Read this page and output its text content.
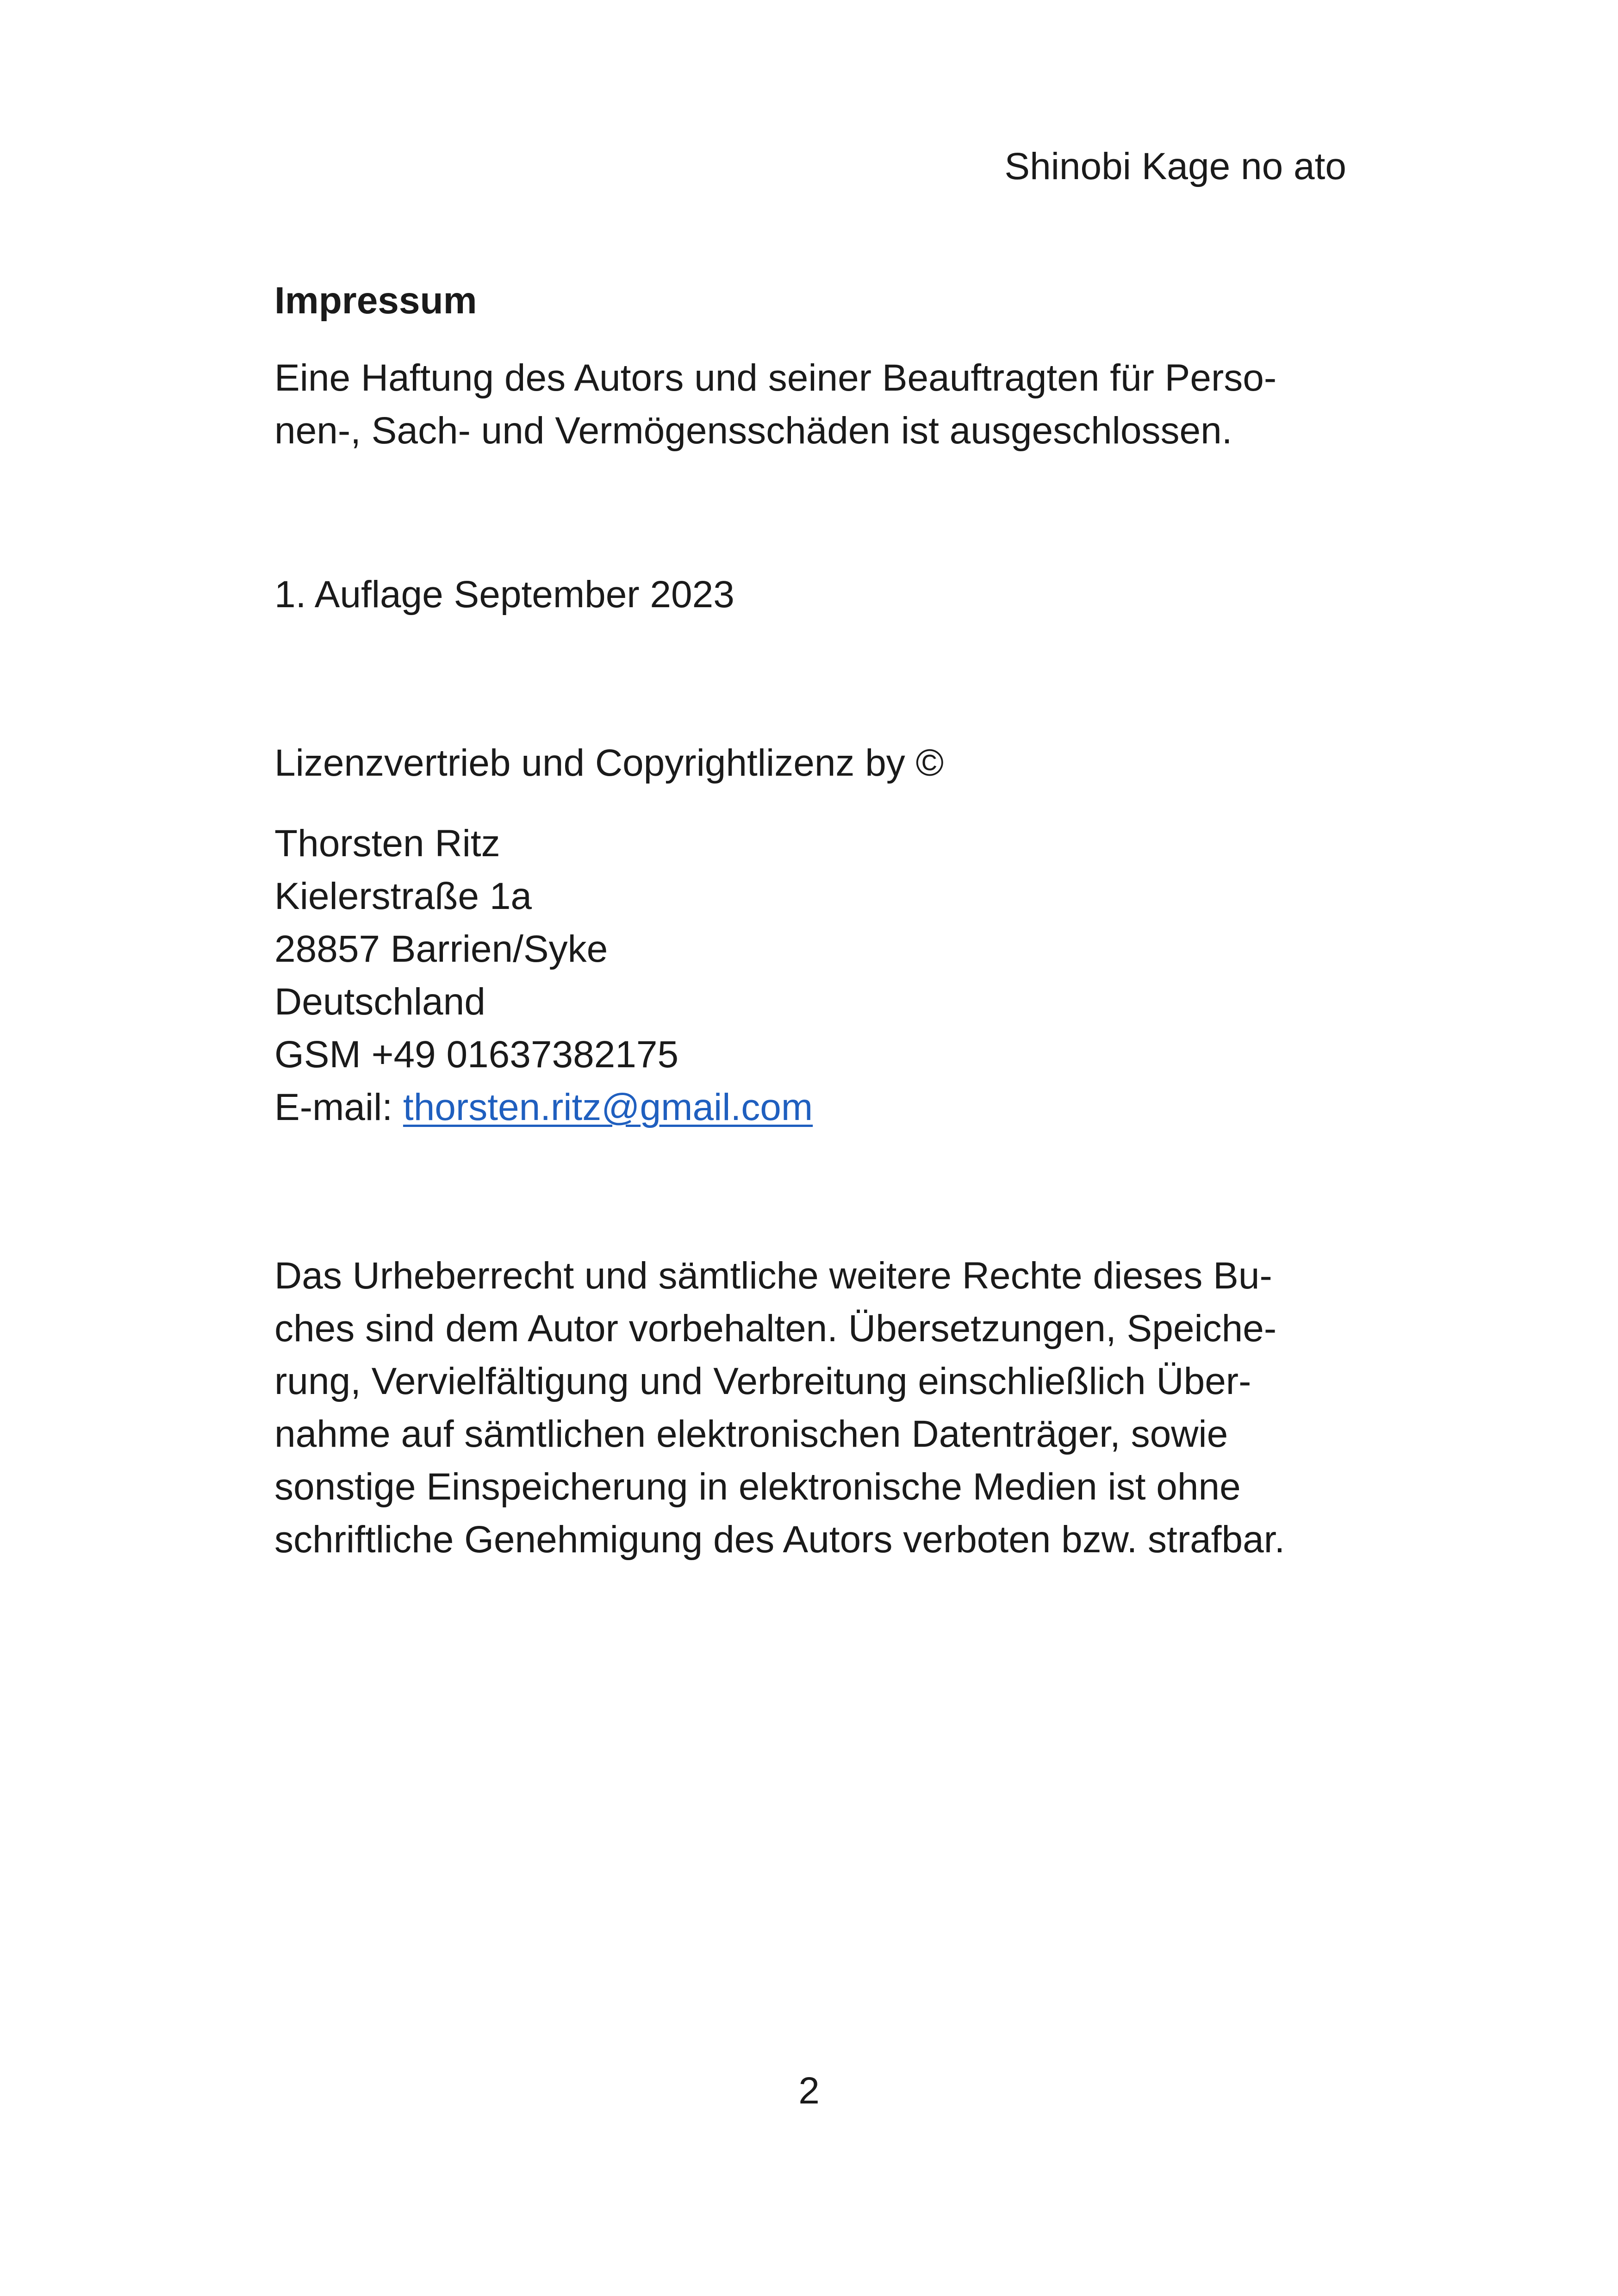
Shinobi Kage no ato
Impressum

Eine Haftung des Autors und seiner Beauftragten für Perso-
nen-, Sach- und Vermögensschäden ist ausgeschlossen.

1. Auflage September 2023

Lizenzvertrieb und Copyrightlizenz by ©

Thorsten Ritz
Kielerstraße 1a
28857 Barrien/Syke
Deutschland
GSM +49 01637382175
E-mail: thorsten.ritz@gmail.com

Das Urheberrecht und sämtliche weitere Rechte dieses Bu-
ches sind dem Autor vorbehalten. Übersetzungen, Speiche-
rung, Vervielfältigung und Verbreitung einschließlich Über-
nahme auf sämtlichen elektronischen Datenträger, sowie
sonstige Einspeicherung in elektronische Medien ist ohne
schriftliche Genehmigung des Autors verboten bzw. strafbar.

2
